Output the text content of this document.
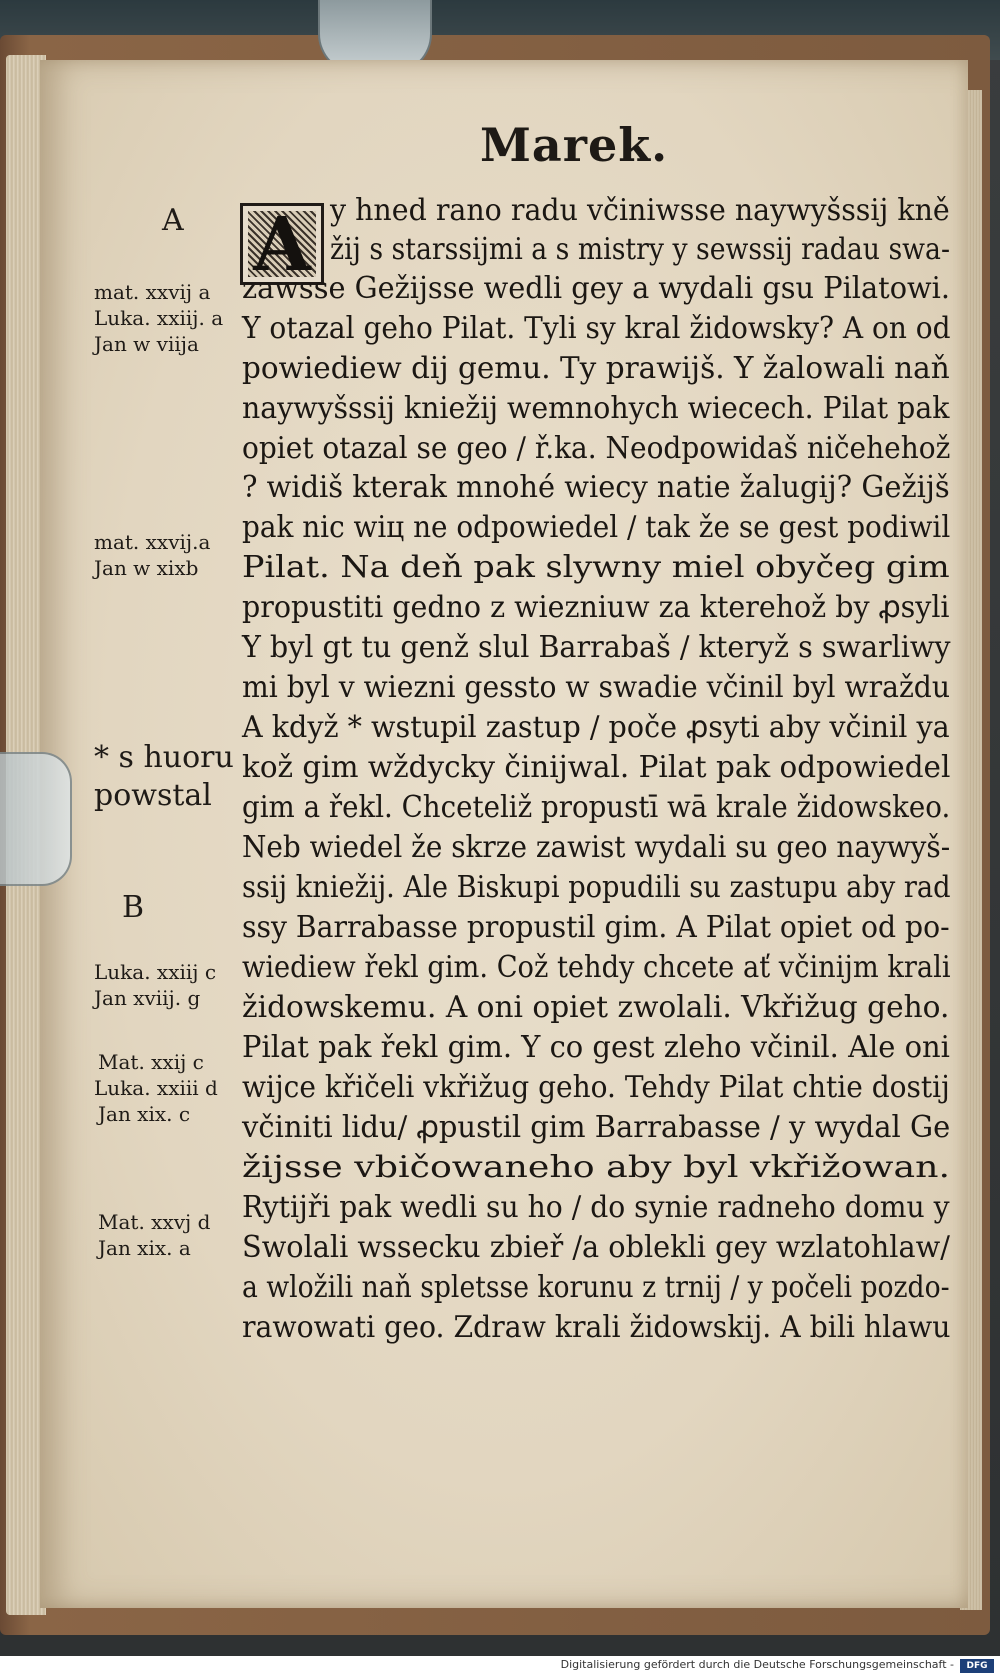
Marek.
A y hned rano radu včiniwsse naywyšssij kně
žij s starssijmi a s mistry y sewssij radau swa-
zawsse Gežijsse wedli gey a wydali gsu Pilatowi.
Y otazal geho Pilat. Tyli sy kral židowsky? A on od
powiediew dij gemu. Ty prawijš. Y žalowali naň
naywyšssij kniežij wemnohych wiecech. Pilat pak
opiet otazal se geo / ř.ka. Neodpowidaš ničehehož
? widiš kterak mnohé wiecy natie žalugij? Gežijš
pak nic wiц ne odpowiedel / tak že se gest podiwil
Pilat. Na deň pak slywny miel obyčeg gim
propustiti gedno z wiezniuw za kterehož by ꝓsyli
Y byl gt tu genž slul Barrabaš / kteryž s swarliwy
mi byl v wiezni gessto w swadie včinil byl wraždu
A když * wstupil zastup / poče ꝓsyti aby včinil ya
kož gim wždycky činijwal. Pilat pak odpowiedel
gim a řekl. Chceteliž propustī wā krale židowskeo.
Neb wiedel že skrze zawist wydali su geo naywyš-
ssij kniežij. Ale Biskupi popudili su zastupu aby rad
ssy Barrabasse propustil gim. A Pilat opiet od po-
wiediew řekl gim. Což tehdy chcete ať včinijm krali
židowskemu. A oni opiet zwolali. Vkřižug geho.
Pilat pak řekl gim. Y co gest zleho včinil. Ale oni
wijce křičeli vkřižug geho. Tehdy Pilat chtie dostij
včiniti lidu/ ꝓpustil gim Barrabasse / y wydal Ge
žijsse vbičowaneho aby byl vkřižowan.
Rytijři pak wedli su ho / do synie radneho domu y
Swolali wssecku zbieř /a oblekli gey wzlatohlaw/
a wložili naň spletsse korunu z trnij / y počeli pozdo-
rawowati geo. Zdraw krali židowskij. A bili hlawu
A
mat. xxvij a
Luka. xxiij. a
Jan w viija
mat. xxvij.a
Jan w xixb
* s huoru
powstal
B
Luka. xxiij c
Jan xviij. g
Mat. xxij c
Luka. xxiii d
Jan xix. c
Mat. xxvj d
Jan xix. a
Digitalisierung gefördert durch die Deutsche Forschungsgemeinschaft -	DFG
